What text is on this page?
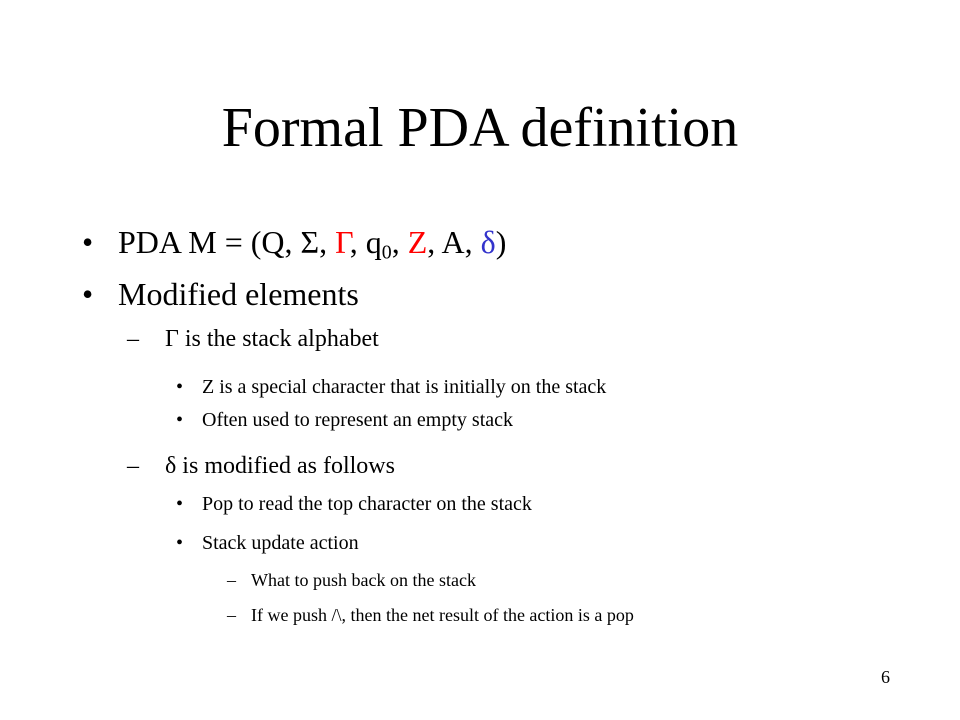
Formal PDA definition
• PDA M = (Q, Σ, Γ, $q_0$, Z, A, δ)
• Modified elements
– Γ is the stack alphabet
• Z is a special character that is initially on the stack
• Often used to represent an empty stack
– δ is modified as follows
• Pop to read the top character on the stack
• Stack update action
– What to push back on the stack
– If we push /\, then the net result of the action is a pop
6
